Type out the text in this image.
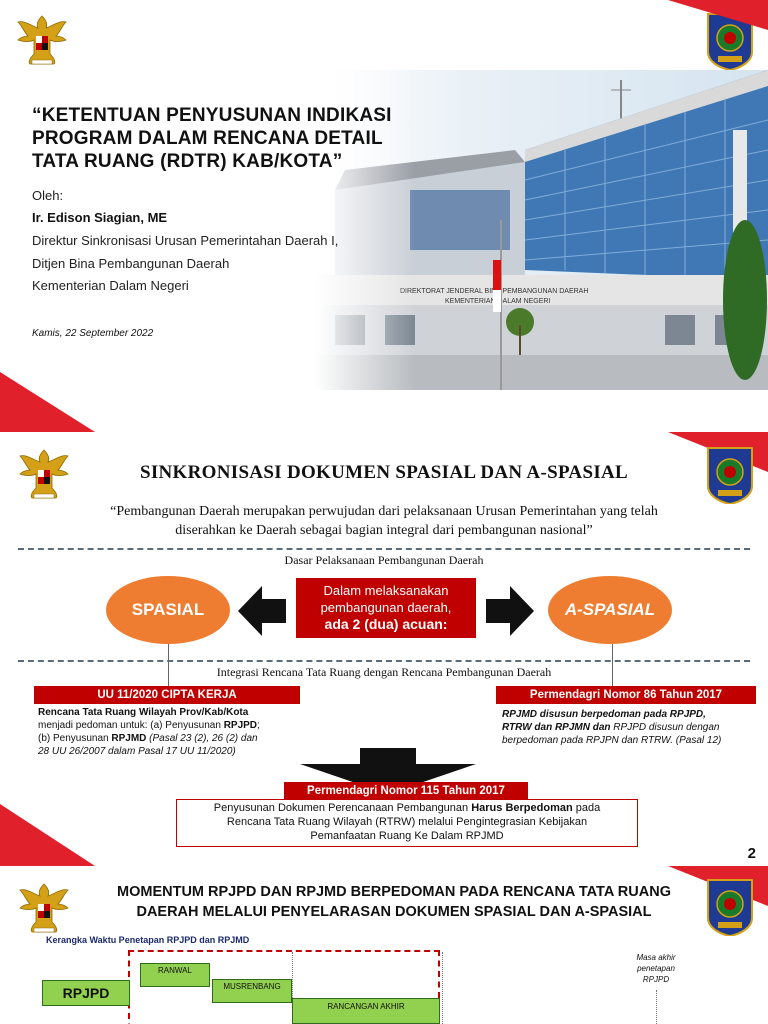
“KETENTUAN PENYUSUNAN INDIKASI
PROGRAM DALAM RENCANA DETAIL
TATA RUANG (RDTR) KAB/KOTA”
Oleh:
Ir. Edison Siagian, ME
Direktur Sinkronisasi Urusan Pemerintahan Daerah I,
Ditjen Bina Pembangunan Daerah
Kementerian Dalam Negeri
Kamis, 22 September 2022
SINKRONISASI DOKUMEN SPASIAL DAN A-SPASIAL
“Pembangunan Daerah merupakan perwujudan dari pelaksanaan Urusan Pemerintahan yang telah
diserahkan ke Daerah sebagai bagian integral dari pembangunan nasional”
Dasar Pelaksanaan Pembangunan Daerah
SPASIAL	A-SPASIAL
Dalam melaksanakan
pembangunan daerah,
ada 2 (dua) acuan:
Integrasi Rencana Tata Ruang dengan Rencana Pembangunan Daerah
UU 11/2020 CIPTA KERJA
Rencana Tata Ruang Wilayah Prov/Kab/Kota
menjadi pedoman untuk: (a) Penyusunan RPJPD;
(b) Penyusunan RPJMD (Pasal 23 (2), 26 (2) dan
28 UU 26/2007 dalam Pasal 17 UU 11/2020)
Permendagri Nomor 86 Tahun 2017
RPJMD disusun berpedoman pada RPJPD,
RTRW dan RPJMN dan RPJPD disusun dengan
berpedoman pada RPJPN dan RTRW. (Pasal 12)
Permendagri Nomor 115 Tahun 2017
Penyusunan Dokumen Perencanaan Pembangunan Harus Berpedoman pada
Rencana Tata Ruang Wilayah (RTRW) melalui Pengintegrasian Kebijakan
Pemanfaatan Ruang Ke Dalam RPJMD
2
MOMENTUM RPJPD DAN RPJMD BERPEDOMAN PADA RENCANA TATA RUANG
DAERAH MELALUI PENYELARASAN DOKUMEN SPASIAL DAN A-SPASIAL
Kerangka Waktu Penetapan RPJPD dan RPJMD
RPJPD
RANWAL
MUSRENBANG
RANCANGAN AKHIR
Masa akhir
penetapan
RPJPD
